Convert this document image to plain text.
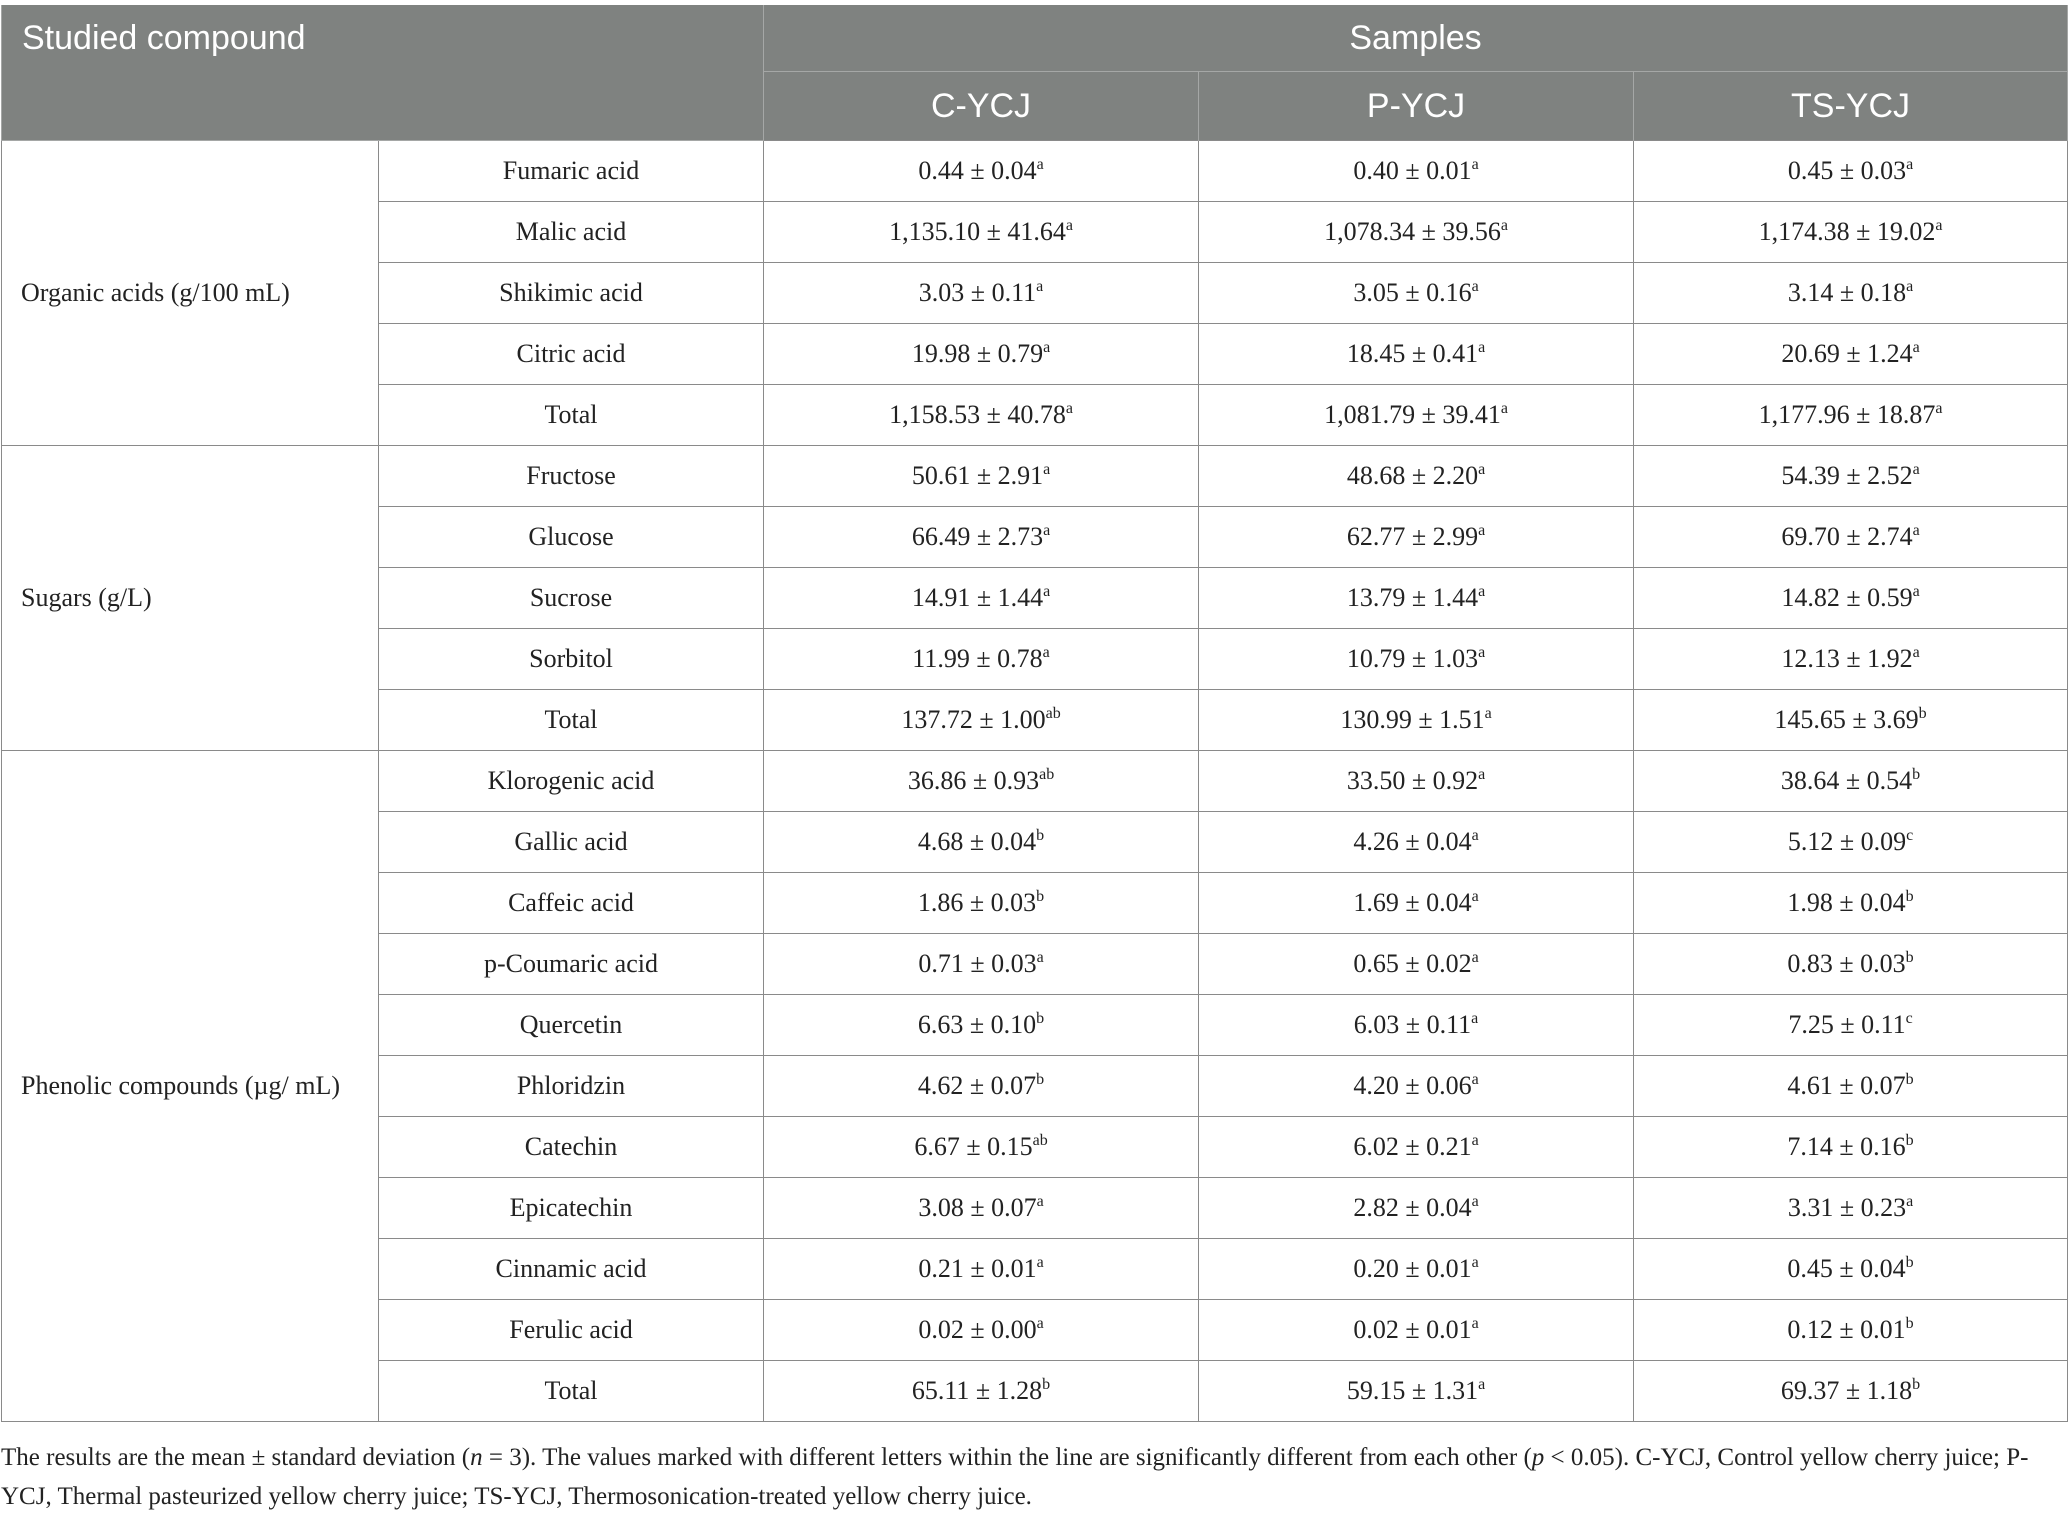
Studied compound		Samples		
		C-YCJ	P-YCJ	TS-YCJ
Organic acids (g/100 mL)	Fumaric acid	0.44 ± 0.04$^a$	0.40 ± 0.01$^a$	0.45 ± 0.03$^a$
	Malic acid	1,135.10 ± 41.64$^a$	1,078.34 ± 39.56$^a$	1,174.38 ± 19.02$^a$
	Shikimic acid	3.03 ± 0.11$^a$	3.05 ± 0.16$^a$	3.14 ± 0.18$^a$
	Citric acid	19.98 ± 0.79$^a$	18.45 ± 0.41$^a$	20.69 ± 1.24$^a$
	Total	1,158.53 ± 40.78$^a$	1,081.79 ± 39.41$^a$	1,177.96 ± 18.87$^a$
Sugars (g/L)	Fructose	50.61 ± 2.91$^a$	48.68 ± 2.20$^a$	54.39 ± 2.52$^a$
	Glucose	66.49 ± 2.73$^a$	62.77 ± 2.99$^a$	69.70 ± 2.74$^a$
	Sucrose	14.91 ± 1.44$^a$	13.79 ± 1.44$^a$	14.82 ± 0.59$^a$
	Sorbitol	11.99 ± 0.78$^a$	10.79 ± 1.03$^a$	12.13 ± 1.92$^a$
	Total	137.72 ± 1.00$^{ab}$	130.99 ± 1.51$^a$	145.65 ± 3.69$^b$
Phenolic compounds (µg/ mL)	Klorogenic acid	36.86 ± 0.93$^{ab}$	33.50 ± 0.92$^a$	38.64 ± 0.54$^b$
	Gallic acid	4.68 ± 0.04$^b$	4.26 ± 0.04$^a$	5.12 ± 0.09$^c$
	Caffeic acid	1.86 ± 0.03$^b$	1.69 ± 0.04$^a$	1.98 ± 0.04$^b$
	p-Coumaric acid	0.71 ± 0.03$^a$	0.65 ± 0.02$^a$	0.83 ± 0.03$^b$
	Quercetin	6.63 ± 0.10$^b$	6.03 ± 0.11$^a$	7.25 ± 0.11$^c$
	Phloridzin	4.62 ± 0.07$^b$	4.20 ± 0.06$^a$	4.61 ± 0.07$^b$
	Catechin	6.67 ± 0.15$^{ab}$	6.02 ± 0.21$^a$	7.14 ± 0.16$^b$
	Epicatechin	3.08 ± 0.07$^a$	2.82 ± 0.04$^a$	3.31 ± 0.23$^a$
	Cinnamic acid	0.21 ± 0.01$^a$	0.20 ± 0.01$^a$	0.45 ± 0.04$^b$
	Ferulic acid	0.02 ± 0.00$^a$	0.02 ± 0.01$^a$	0.12 ± 0.01$^b$
	Total	65.11 ± 1.28$^b$	59.15 ± 1.31$^a$	69.37 ± 1.18$^b$
The results are the mean ± standard deviation (n = 3). The values marked with different letters within the line are significantly different from each other (p < 0.05). C-YCJ, Control yellow cherry juice; P-YCJ, Thermal pasteurized yellow cherry juice; TS-YCJ, Thermosonication-treated yellow cherry juice.
